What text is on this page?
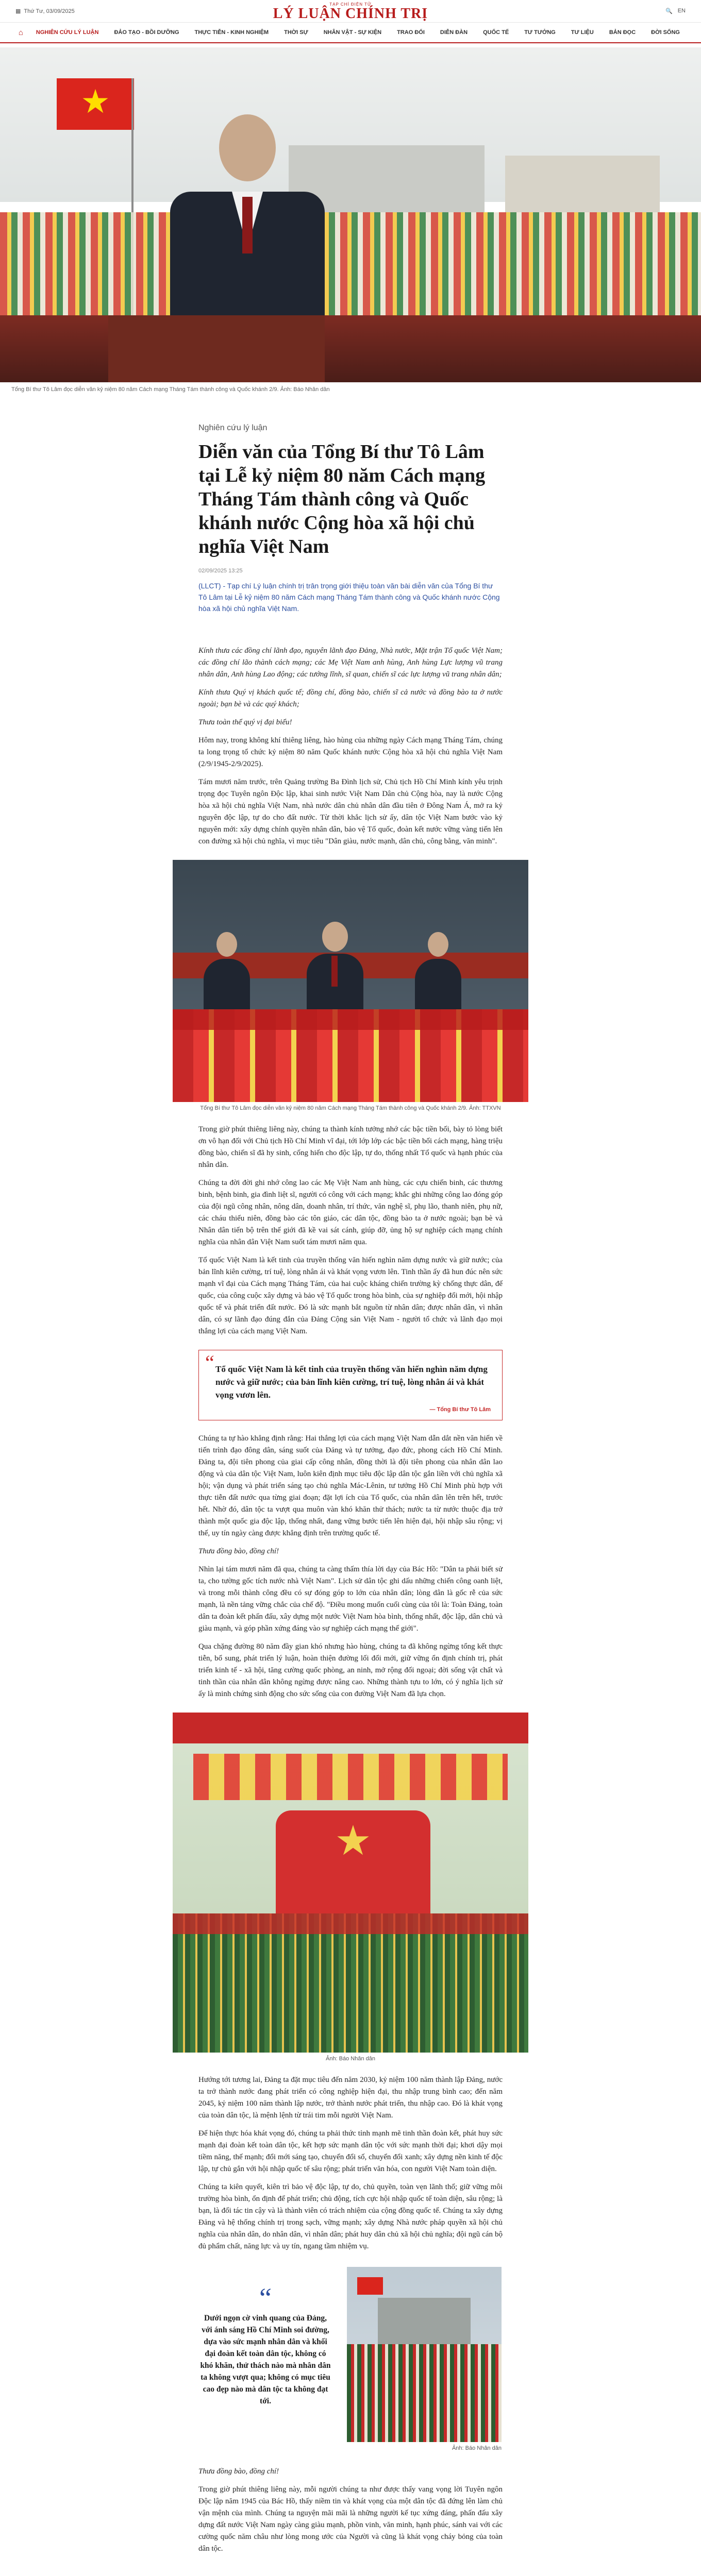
▦ Thứ Tư, 03/09/2025
TẠP CHÍ ĐIỆN TỬ
LÝ LUẬN CHÍNH TRỊ	🔍 EN
⌂	NGHIÊN CỨU LÝ LUẬN	ĐẢO TẠO - BỒI DƯỠNG	THỰC TIỄN - KINH NGHIỆM	THỜI SỰ	NHÂN VẬT - SỰ KIỆN	TRAO ĐỔI	DIỄN ĐÀN	QUỐC TẾ	TƯ TƯỞNG	TƯ LIỆU	BẢN ĐỌC	ĐỜI SỐNG
★
Tổng Bí thư Tô Lâm đọc diễn văn kỷ niệm 80 năm Cách mạng Tháng Tám thành công và Quốc khánh 2/9. Ảnh: Báo Nhân dân
Nghiên cứu lý luận
Diễn văn của Tổng Bí thư Tô Lâm tại Lễ kỷ niệm 80 năm Cách mạng Tháng Tám thành công và Quốc khánh nước Cộng hòa xã hội chủ nghĩa Việt Nam
02/09/2025 13:25

(LLCT) - Tạp chí Lý luận chính trị trân trọng giới thiệu toàn văn bài diễn văn của Tổng Bí thư Tô Lâm tại Lễ kỷ niệm 80 năm Cách mạng Tháng Tám thành công và Quốc khánh nước Cộng hòa xã hội chủ nghĩa Việt Nam.

Kính thưa các đồng chí lãnh đạo, nguyên lãnh đạo Đảng, Nhà nước, Mặt trận Tổ quốc Việt Nam; các đồng chí lão thành cách mạng; các Mẹ Việt Nam anh hùng, Anh hùng Lực lượng vũ trang nhân dân, Anh hùng Lao động; các tướng lĩnh, sĩ quan, chiến sĩ các lực lượng vũ trang nhân dân;

Kính thưa Quý vị khách quốc tế; đồng chí, đồng bào, chiến sĩ cả nước và đồng bào ta ở nước ngoài; bạn bè và các quý khách;

Thưa toàn thể quý vị đại biểu!

Hôm nay, trong không khí thiêng liêng, hào hùng của những ngày Cách mạng Tháng Tám, chúng ta long trọng tổ chức kỷ niệm 80 năm Quốc khánh nước Cộng hòa xã hội chủ nghĩa Việt Nam (2/9/1945-2/9/2025).

Tám mươi năm trước, trên Quảng trường Ba Đình lịch sử, Chủ tịch Hồ Chí Minh kính yêu trịnh trọng đọc Tuyên ngôn Độc lập, khai sinh nước Việt Nam Dân chủ Cộng hòa, nay là nước Cộng hòa xã hội chủ nghĩa Việt Nam, nhà nước dân chủ nhân dân đầu tiên ở Đông Nam Á, mở ra kỷ nguyên độc lập, tự do cho đất nước. Từ thời khắc lịch sử ấy, dân tộc Việt Nam bước vào kỷ nguyên mới: xây dựng chính quyền nhân dân, bảo vệ Tổ quốc, đoàn kết nước vững vàng tiến lên con đường xã hội chủ nghĩa, vì mục tiêu "Dân giàu, nước mạnh, dân chủ, công bằng, văn minh".

Tổng Bí thư Tô Lâm đọc diễn văn kỷ niệm 80 năm Cách mạng Tháng Tám thành công và Quốc khánh 2/9. Ảnh: TTXVN

Trong giờ phút thiêng liêng này, chúng ta thành kính tưởng nhớ các bậc tiền bối, bày tỏ lòng biết ơn vô hạn đối với Chủ tịch Hồ Chí Minh vĩ đại, tới lớp lớp các bậc tiền bối cách mạng, hàng triệu đồng bào, chiến sĩ đã hy sinh, cống hiến cho độc lập, tự do, thống nhất Tổ quốc và hạnh phúc của nhân dân.

Chúng ta đời đời ghi nhớ công lao các Mẹ Việt Nam anh hùng, các cựu chiến binh, các thương binh, bệnh binh, gia đình liệt sĩ, người có công với cách mạng; khắc ghi những công lao đóng góp của đội ngũ công nhân, nông dân, doanh nhân, trí thức, văn nghệ sĩ, phụ lão, thanh niên, phụ nữ, các cháu thiếu niên, đồng bào các tôn giáo, các dân tộc, đồng bào ta ở nước ngoài; bạn bè và Nhân dân tiến bộ trên thế giới đã kề vai sát cánh, giúp đỡ, ủng hộ sự nghiệp cách mạng chính nghĩa của nhân dân Việt Nam suốt tám mươi năm qua.

Tổ quốc Việt Nam là kết tinh của truyền thống văn hiến nghìn năm dựng nước và giữ nước; của bản lĩnh kiên cường, trí tuệ, lòng nhân ái và khát vọng vươn lên. Tinh thần ấy đã hun đúc nên sức mạnh vĩ đại của Cách mạng Tháng Tám, của hai cuộc kháng chiến trường kỳ chống thực dân, đế quốc, của công cuộc xây dựng và bảo vệ Tổ quốc trong hòa bình, của sự nghiệp đổi mới, hội nhập quốc tế và phát triển đất nước. Đó là sức mạnh bắt nguồn từ nhân dân; được nhân dân, vì nhân dân, có sự lãnh đạo đúng đắn của Đảng Cộng sản Việt Nam - người tổ chức và lãnh đạo mọi thắng lợi của cách mạng Việt Nam.

“ Tổ quốc Việt Nam là kết tinh của truyền thống văn hiến nghìn năm dựng nước và giữ nước; của bản lĩnh kiên cường, trí tuệ, lòng nhân ái và khát vọng vươn lên.
— Tổng Bí thư Tô Lâm

Chúng ta tự hào khẳng định rằng: Hai thắng lợi của cách mạng Việt Nam dẫn dắt nền văn hiến về tiến trình đạo đông dân, sáng suốt của Đảng và tự tưởng, đạo đức, phong cách Hồ Chí Minh. Đảng ta, đội tiên phong của giai cấp công nhân, đồng thời là đội tiên phong của nhân dân lao động và của dân tộc Việt Nam, luôn kiên định mục tiêu độc lập dân tộc gắn liền với chủ nghĩa xã hội; vận dụng và phát triển sáng tạo chủ nghĩa Mác-Lênin, tư tưởng Hồ Chí Minh phù hợp với thực tiễn đất nước qua từng giai đoạn; đặt lợi ích của Tổ quốc, của nhân dân lên trên hết, trước hết. Nhờ đó, dân tộc ta vượt qua muôn vàn khó khăn thử thách; nước ta từ nước thuộc địa trở thành một quốc gia độc lập, thống nhất, đang vững bước tiến lên hiện đại, hội nhập sâu rộng; vị thế, uy tín ngày càng được khẳng định trên trường quốc tế.

Thưa đồng bào, đồng chí!

Nhìn lại tám mươi năm đã qua, chúng ta càng thấm thía lời dạy của Bác Hồ: "Dân ta phải biết sử ta, cho tường gốc tích nước nhà Việt Nam". Lịch sử dân tộc ghi dấu những chiến công oanh liệt, và trong mỗi thành công đều có sự đóng góp to lớn của nhân dân; lòng dân là gốc rễ của sức mạnh, là nền tảng vững chắc của chế độ. "Điều mong muốn cuối cùng của tôi là: Toàn Đảng, toàn dân ta đoàn kết phấn đấu, xây dựng một nước Việt Nam hòa bình, thống nhất, độc lập, dân chủ và giàu mạnh, và góp phần xứng đáng vào sự nghiệp cách mạng thế giới".

Qua chặng đường 80 năm đầy gian khó nhưng hào hùng, chúng ta đã không ngừng tổng kết thực tiễn, bổ sung, phát triển lý luận, hoàn thiện đường lối đổi mới, giữ vững ổn định chính trị, phát triển kinh tế - xã hội, tăng cường quốc phòng, an ninh, mở rộng đối ngoại; đời sống vật chất và tinh thần của nhân dân không ngừng được nâng cao. Những thành tựu to lớn, có ý nghĩa lịch sử ấy là minh chứng sinh động cho sức sống của con đường Việt Nam đã lựa chọn.

★
Ảnh: Báo Nhân dân

Hướng tới tương lai, Đảng ta đặt mục tiêu đến năm 2030, kỷ niệm 100 năm thành lập Đảng, nước ta trở thành nước đang phát triển có công nghiệp hiện đại, thu nhập trung bình cao; đến năm 2045, kỷ niệm 100 năm thành lập nước, trở thành nước phát triển, thu nhập cao. Đó là khát vọng của toàn dân tộc, là mệnh lệnh từ trái tim mỗi người Việt Nam.

Để hiện thực hóa khát vọng đó, chúng ta phải thức tỉnh mạnh mẽ tinh thần đoàn kết, phát huy sức mạnh đại đoàn kết toàn dân tộc, kết hợp sức mạnh dân tộc với sức mạnh thời đại; khơi dậy mọi tiềm năng, thế mạnh; đổi mới sáng tạo, chuyển đổi số, chuyển đổi xanh; xây dựng nền kinh tế độc lập, tự chủ gắn với hội nhập quốc tế sâu rộng; phát triển văn hóa, con người Việt Nam toàn diện.

Chúng ta kiên quyết, kiên trì bảo vệ độc lập, tự do, chủ quyền, toàn vẹn lãnh thổ; giữ vững môi trường hòa bình, ổn định để phát triển; chủ động, tích cực hội nhập quốc tế toàn diện, sâu rộng; là bạn, là đối tác tin cậy và là thành viên có trách nhiệm của cộng đồng quốc tế. Chúng ta xây dựng Đảng và hệ thống chính trị trong sạch, vững mạnh; xây dựng Nhà nước pháp quyền xã hội chủ nghĩa của nhân dân, do nhân dân, vì nhân dân; phát huy dân chủ xã hội chủ nghĩa; đội ngũ cán bộ đủ phẩm chất, năng lực và uy tín, ngang tầm nhiệm vụ.

“
Dưới ngọn cờ vinh quang của Đảng, với ánh sáng Hồ Chí Minh soi đường, dựa vào sức mạnh nhân dân và khối đại đoàn kết toàn dân tộc, không có khó khăn, thử thách nào mà nhân dân ta không vượt qua; không có mục tiêu cao đẹp nào mà dân tộc ta không đạt tới.
Ảnh: Báo Nhân dân

Thưa đồng bào, đồng chí!

Trong giờ phút thiêng liêng này, mỗi người chúng ta như được thấy vang vọng lời Tuyên ngôn Độc lập năm 1945 của Bác Hồ, thấy niềm tin và khát vọng của một dân tộc đã đứng lên làm chủ vận mệnh của mình. Chúng ta nguyện mãi mãi là những người kế tục xứng đáng, phấn đấu xây dựng đất nước Việt Nam ngày càng giàu mạnh, phồn vinh, văn minh, hạnh phúc, sánh vai với các cường quốc năm châu như lòng mong ước của Người và cũng là khát vọng cháy bỏng của toàn dân tộc.
